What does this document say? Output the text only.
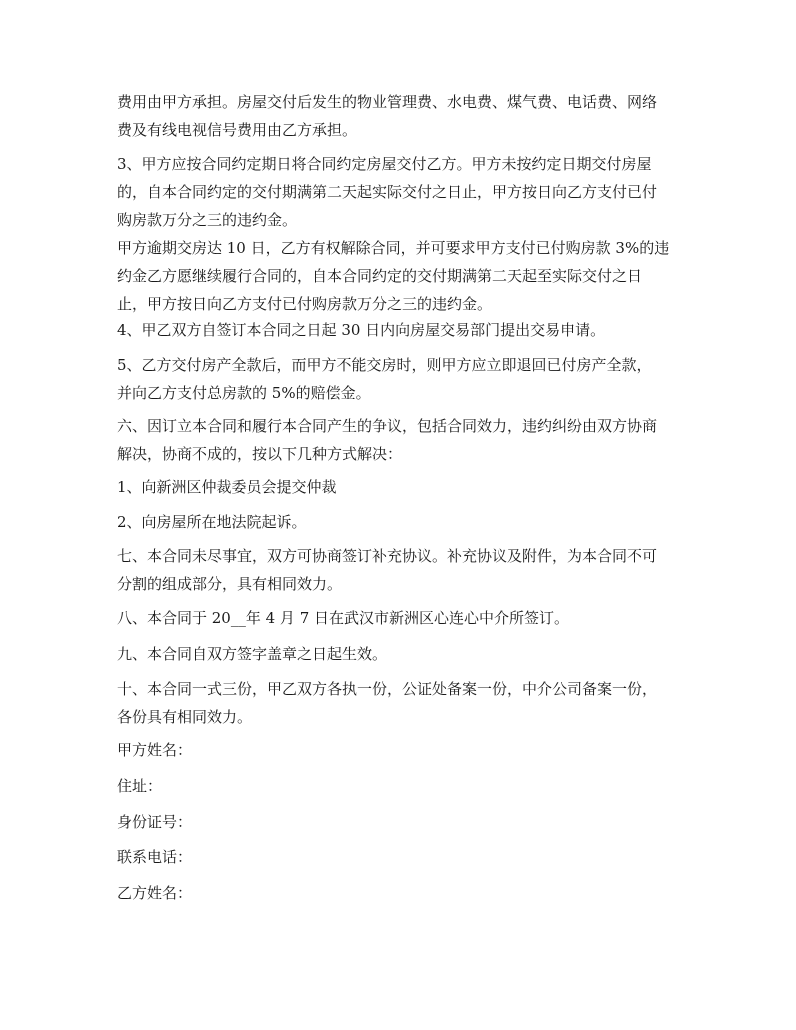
费用由甲方承担。房屋交付后发生的物业管理费、水电费、煤气费、电话费、网络
费及有线电视信号费用由乙方承担。

3、甲方应按合同约定期日将合同约定房屋交付乙方。甲方未按约定日期交付房屋
的，自本合同约定的交付期满第二天起实际交付之日止，甲方按日向乙方支付已付
购房款万分之三的违约金。

甲方逾期交房达 10 日，乙方有权解除合同，并可要求甲方支付已付购房款 3%的违
约金乙方愿继续履行合同的，自本合同约定的交付期满第二天起至实际交付之日
止，甲方按日向乙方支付已付购房款万分之三的违约金。

4、甲乙双方自签订本合同之日起 30 日内向房屋交易部门提出交易申请。

5、乙方交付房产全款后，而甲方不能交房时，则甲方应立即退回已付房产全款，
并向乙方支付总房款的 5%的赔偿金。

六、因订立本合同和履行本合同产生的争议，包括合同效力，违约纠纷由双方协商
解决，协商不成的，按以下几种方式解决：

1、向新洲区仲裁委员会提交仲裁

2、向房屋所在地法院起诉。

七、本合同未尽事宜，双方可协商签订补充协议。补充协议及附件，为本合同不可
分割的组成部分，具有相同效力。

八、本合同于 20__年 4 月 7 日在武汉市新洲区心连心中介所签订。

九、本合同自双方签字盖章之日起生效。

十、本合同一式三份，甲乙双方各执一份，公证处备案一份，中介公司备案一份，
各份具有相同效力。

甲方姓名：

住址：

身份证号：

联系电话：

乙方姓名：
